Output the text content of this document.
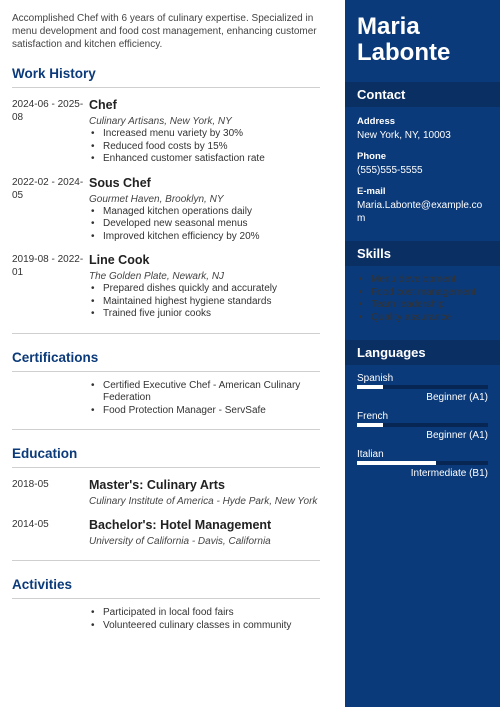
Accomplished Chef with 6 years of culinary expertise. Specialized in menu development and food cost management, enhancing customer satisfaction and kitchen efficiency.

Work History
2024-06 - 2025-08
Chef
Culinary Artisans, New York, NY
• Increased menu variety by 30%
• Reduced food costs by 15%
• Enhanced customer satisfaction rate
2022-02 - 2024-05
Sous Chef
Gourmet Haven, Brooklyn, NY
• Managed kitchen operations daily
• Developed new seasonal menus
• Improved kitchen efficiency by 20%
2019-08 - 2022-01
Line Cook
The Golden Plate, Newark, NJ
• Prepared dishes quickly and accurately
• Maintained highest hygiene standards
• Trained five junior cooks
Certifications
• Certified Executive Chef - American Culinary Federation
• Food Protection Manager - ServSafe
Education
2018-05	Master's: Culinary Arts
Culinary Institute of America - Hyde Park, New York
2014-05	Bachelor's: Hotel Management
University of California - Davis, California
Activities
• Participated in local food fairs
• Volunteered culinary classes in community
Maria
Labonte
Contact
Address
New York, NY, 10003
Phone
(555)555-5555
E-mail
Maria.Labonte@example.com
Skills
• Menu development
• Food cost management
• Team leadership
• Quality assurance
Languages
Spanish
Beginner (A1)
French
Beginner (A1)
Italian
Intermediate (B1)
